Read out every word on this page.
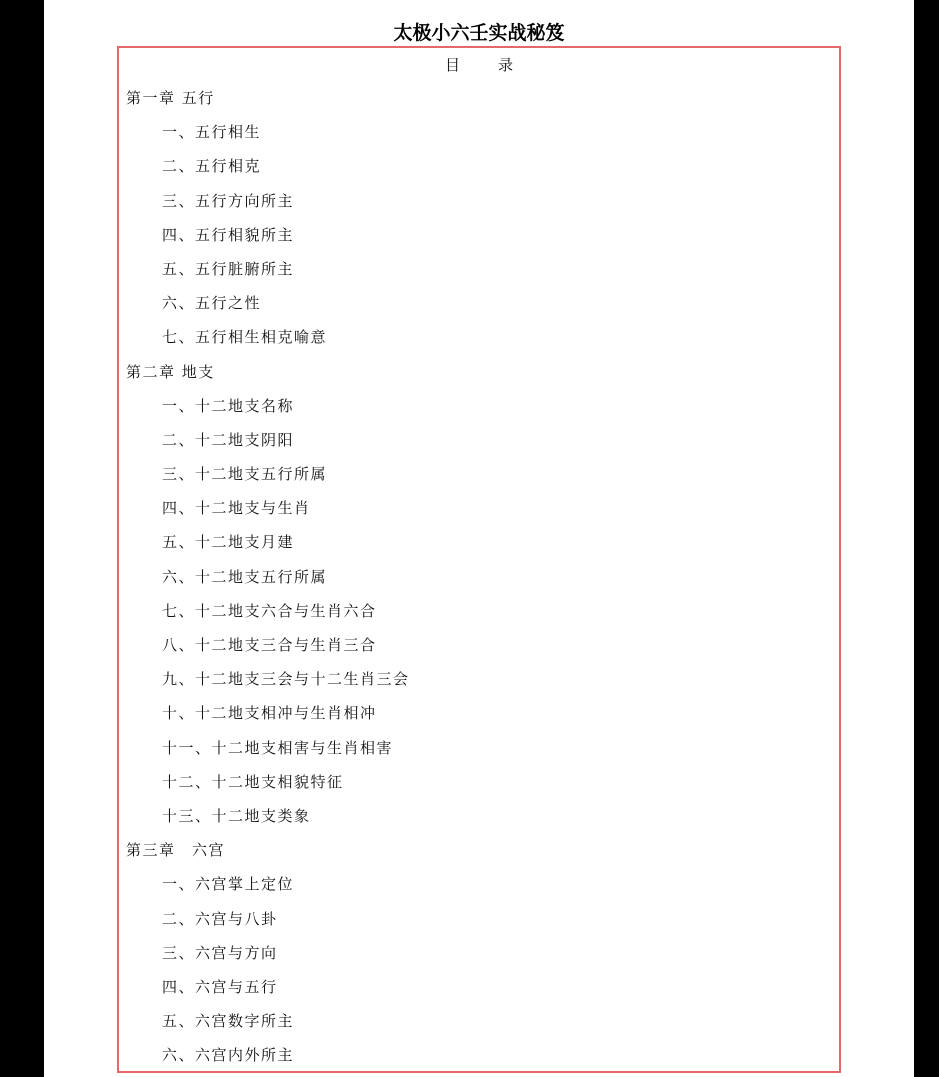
太极小六壬实战秘笈
目录
第一章 五行
一、五行相生
二、五行相克
三、五行方向所主
四、五行相貌所主
五、五行脏腑所主
六、五行之性
七、五行相生相克喻意
第二章 地支
一、十二地支名称
二、十二地支阴阳
三、十二地支五行所属
四、十二地支与生肖
五、十二地支月建
六、十二地支五行所属
七、十二地支六合与生肖六合
八、十二地支三合与生肖三合
九、十二地支三会与十二生肖三会
十、十二地支相冲与生肖相冲
十一、十二地支相害与生肖相害
十二、十二地支相貌特征
十三、十二地支类象
第三章　六宫
一、六宫掌上定位
二、六宫与八卦
三、六宫与方向
四、六宫与五行
五、六宫数字所主
六、六宫内外所主
